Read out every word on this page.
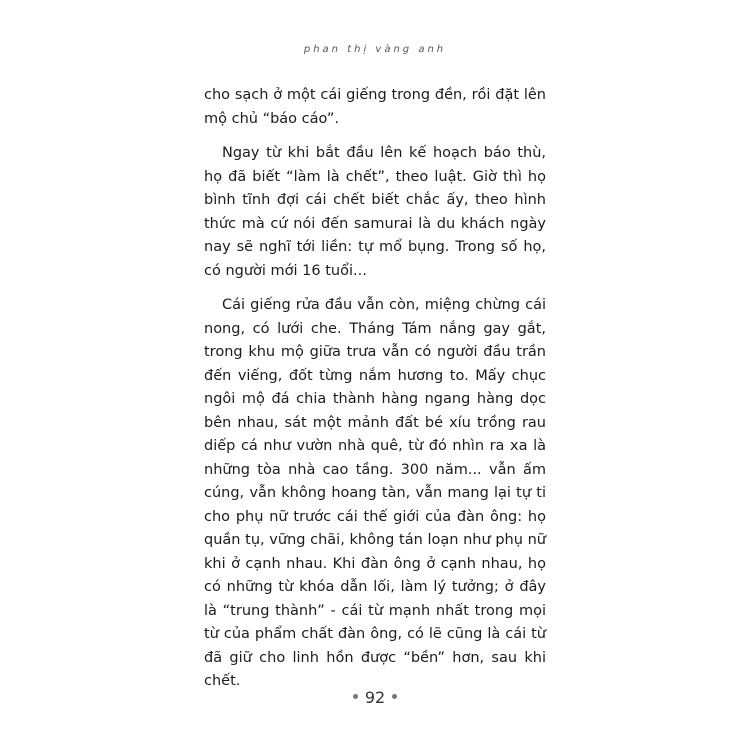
phan thị vàng anh

cho sạch ở một cái giếng trong đền, rồi đặt lên mộ chủ “báo cáo”.

Ngay từ khi bắt đầu lên kế hoạch báo thù, họ đã biết “làm là chết”, theo luật. Giờ thì họ bình tĩnh đợi cái chết biết chắc ấy, theo hình thức mà cứ nói đến samurai là du khách ngày nay sẽ nghĩ tới liền: tự mổ bụng. Trong số họ, có người mới 16 tuổi...

Cái giếng rửa đầu vẫn còn, miệng chừng cái nong, có lưới che. Tháng Tám nắng gay gắt, trong khu mộ giữa trưa vẫn có người đầu trần đến viếng, đốt từng nắm hương to. Mấy chục ngôi mộ đá chia thành hàng ngang hàng dọc bên nhau, sát một mảnh đất bé xíu trồng rau diếp cá như vườn nhà quê, từ đó nhìn ra xa là những tòa nhà cao tầng. 300 năm... vẫn ấm cúng, vẫn không hoang tàn, vẫn mang lại tự ti cho phụ nữ trước cái thế giới của đàn ông: họ quần tụ, vững chãi, không tán loạn như phụ nữ khi ở cạnh nhau. Khi đàn ông ở cạnh nhau, họ có những từ khóa dẫn lối, làm lý tưởng; ở đây là “trung thành” - cái từ mạnh nhất trong mọi từ của phẩm chất đàn ông, có lẽ cũng là cái từ đã giữ cho linh hồn được “bền” hơn, sau khi chết.

92
